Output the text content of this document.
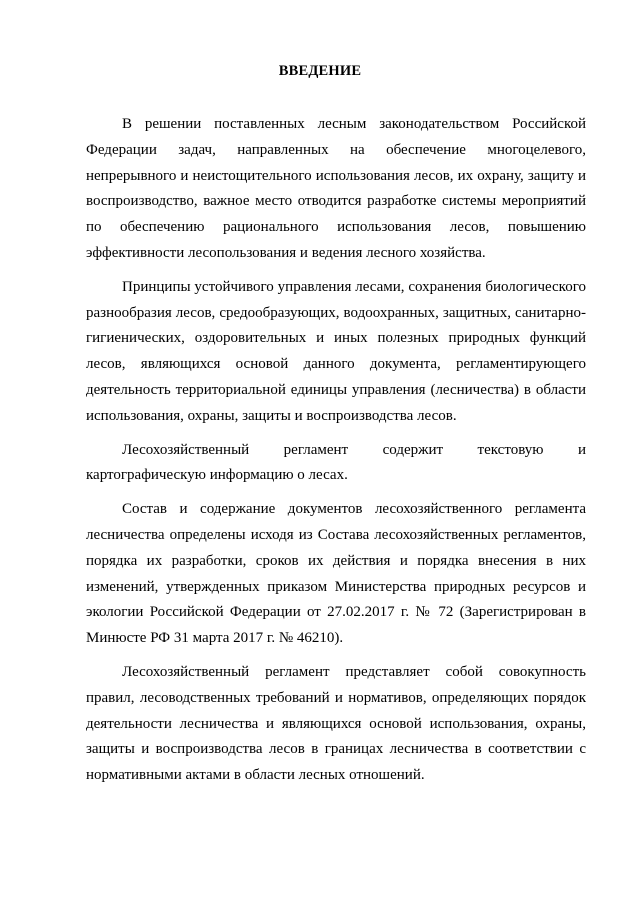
ВВЕДЕНИЕ

В решении поставленных лесным законодательством Российской Федерации задач, направленных на обеспечение многоцелевого, непрерывного и неистощительного использования лесов, их охрану, защиту и воспроизводство, важное место отводится разработке системы мероприятий по обеспечению рационального использования лесов, повышению эффективности лесопользования и ведения лесного хозяйства.

Принципы устойчивого управления лесами, сохранения биологического разнообразия лесов, средообразующих, водоохранных, защитных, санитарно-гигиенических, оздоровительных и иных полезных природных функций лесов, являющихся основой данного документа, регламентирующего деятельность территориальной единицы управления (лесничества) в области использования, охраны, защиты и воспроизводства лесов.

Лесохозяйственный регламент содержит текстовую и картографическую информацию о лесах.

Состав и содержание документов лесохозяйственного регламента лесничества определены исходя из Состава лесохозяйственных регламентов, порядка их разработки, сроков их действия и порядка внесения в них изменений, утвержденных приказом Министерства природных ресурсов и экологии Российской Федерации от 27.02.2017 г. № 72 (Зарегистрирован в Минюсте РФ 31 марта 2017 г. № 46210).

Лесохозяйственный регламент представляет собой совокупность правил, лесоводственных требований и нормативов, определяющих порядок деятельности лесничества и являющихся основой использования, охраны, защиты и воспроизводства лесов в границах лесничества в соответствии с нормативными актами в области лесных отношений.
